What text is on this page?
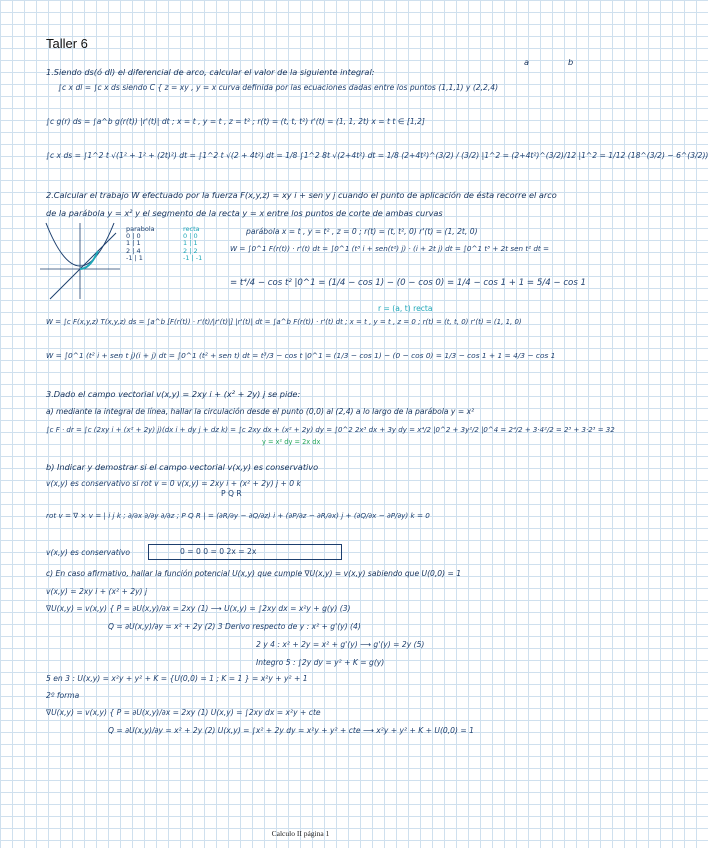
Taller 6
1.Siendo ds(ó dl) el diferencial de arco, calcular el valor de la siguiente integral:
a	b
∫c x dl = ∫c x ds siendo C { z = xy , y = x curva definida por las ecuaciones dadas entre los puntos (1,1,1) y (2,2,4)
∫c g(r) ds = ∫a^b g(r(t)) |r'(t)| dt ; x = t , y = t , z = t² ; r(t) = (t, t, t²) r'(t) = (1, 1, 2t) x = t t ∈ [1,2]
∫c x ds = ∫1^2 t √(1² + 1² + (2t)²) dt = ∫1^2 t √(2 + 4t²) dt = 1/8 ∫1^2 8t √(2+4t²) dt = 1/8 (2+4t²)^(3/2) / (3/2) |1^2 = (2+4t²)^(3/2)/12 |1^2 = 1/12 (18^(3/2) − 6^(3/2))
2.Calcular el trabajo W efectuado por la fuerza F(x,y,z) = xy i + sen y j cuando el punto de aplicación de ésta recorre el arco
de la parábola y = x² y el segmento de la recta y = x entre los puntos de corte de ambas curvas
parabola
0 | 0
1 | 1
2 | 4
-1 | 1
recta
0 | 0
1 | 1
2 | 2
-1 | -1
parábola x = t , y = t² , z = 0 ; r(t) = (t, t², 0) r'(t) = (1, 2t, 0)
W = ∫0^1 F(r(t)) · r'(t) dt = ∫0^1 (t³ i + sen(t²) j) · (i + 2t j) dt = ∫0^1 t³ + 2t sen t² dt =
= t⁴/4 − cos t² |0^1 = (1/4 − cos 1) − (0 − cos 0) = 1/4 − cos 1 + 1 = 5/4 − cos 1
r = (a, t) recta
W = ∫c F(x,y,z) T(x,y,z) ds = ∫a^b [F(r(t)) · r'(t)/|r'(t)|] |r'(t)| dt = ∫a^b F(r(t)) · r'(t) dt ; x = t , y = t , z = 0 ; r(t) = (t, t, 0) r'(t) = (1, 1, 0)
W = ∫0^1 (t² i + sen t j)(i + j) dt = ∫0^1 (t² + sen t) dt = t³/3 − cos t |0^1 = (1/3 − cos 1) − (0 − cos 0) = 1/3 − cos 1 + 1 = 4/3 − cos 1
3.Dado el campo vectorial v(x,y) = 2xy i + (x² + 2y) j se pide:
a) mediante la integral de línea, hallar la circulación desde el punto (0,0) al (2,4) a lo largo de la parábola y = x²
∫c F · dr = ∫c (2xy i + (x² + 2y) j)(dx i + dy j + dz k) = ∫c 2xy dx + (x² + 2y) dy = ∫0^2 2x³ dx + 3y dy = x⁴/2 |0^2 + 3y²/2 |0^4 = 2⁴/2 + 3·4²/2 = 2³ + 3·2³ = 32
y = x² dy = 2x dx
b) Indicar y demostrar si el campo vectorial v(x,y) es conservativo
v(x,y) es conservativo si rot v = 0 v(x,y) = 2xy i + (x² + 2y) j + 0 k
P Q R
rot v = ∇ × v = | i j k ; ∂/∂x ∂/∂y ∂/∂z ; P Q R | = (∂R/∂y − ∂Q/∂z) i + (∂P/∂z − ∂R/∂x) j + (∂Q/∂x − ∂P/∂y) k = 0
v(x,y) es conservativo	0 = 0 0 = 0 2x = 2x
c) En caso afirmativo, hallar la función potencial U(x,y) que cumple ∇U(x,y) = v(x,y) sabiendo que U(0,0) = 1
v(x,y) = 2xy i + (x² + 2y) j
∇U(x,y) = v(x,y) { P = ∂U(x,y)/∂x = 2xy (1) ⟶ U(x,y) = ∫2xy dx = x²y + g(y) (3)
Q = ∂U(x,y)/∂y = x² + 2y (2) 3 Derivo respecto de y : x² + g'(y) (4)
2 y 4 : x² + 2y = x² + g'(y) ⟶ g'(y) = 2y (5)
Integro 5 : ∫2y dy = y² + K = g(y)
5 en 3 : U(x,y) = x²y + y² + K = {U(0,0) = 1 ; K = 1 } = x²y + y² + 1
2º forma
∇U(x,y) = v(x,y) { P = ∂U(x,y)/∂x = 2xy (1) U(x,y) = ∫2xy dx = x²y + cte
Q = ∂U(x,y)/∂y = x² + 2y (2) U(x,y) = ∫x² + 2y dy = x²y + y² + cte ⟶ x²y + y² + K + U(0,0) = 1
Calculo II página 1
